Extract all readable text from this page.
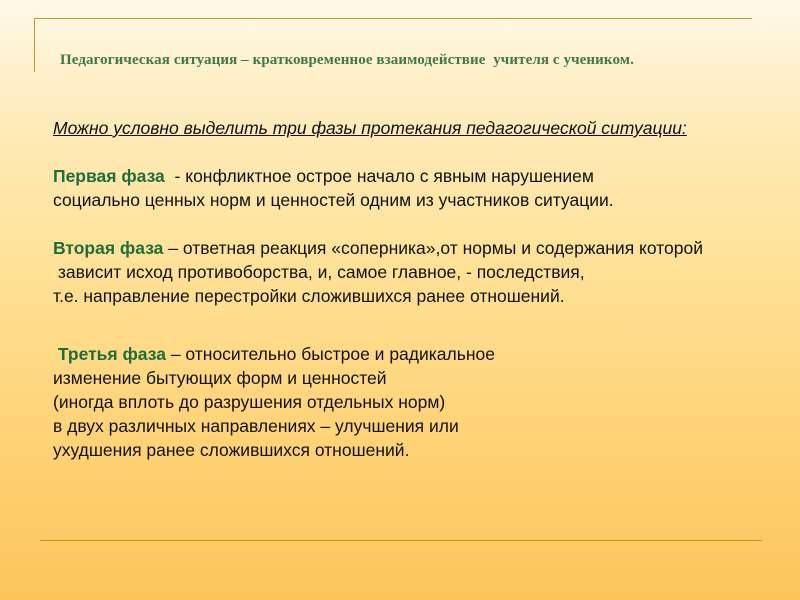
Педагогическая ситуация – кратковременное взаимодействие  учителя с учеником.
Можно условно выделить три фазы протекания педагогической ситуации:
Первая фаза  - конфликтное острое начало с явным нарушением
социально ценных норм и ценностей одним из участников ситуации.
Вторая фаза – ответная реакция «соперника»,от нормы и содержания которой
зависит исход противоборства, и, самое главное, - последствия,
т.е. направление перестройки сложившихся ранее отношений.
Третья фаза – относительно быстрое и радикальное
изменение бытующих форм и ценностей
(иногда вплоть до разрушения отдельных норм)
в двух различных направлениях – улучшения или
ухудшения ранее сложившихся отношений.
